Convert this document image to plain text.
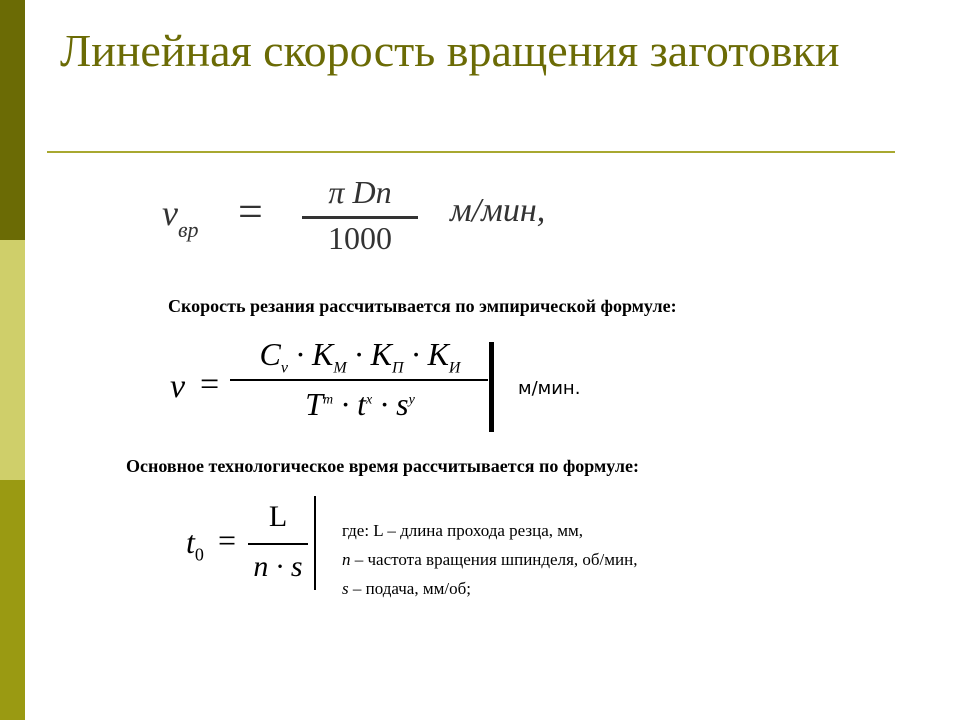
Линейная скорость вращения заготовки
$v_{вр}$ =	π Dn
1000
м/мин,
Скорость резания рассчитывается по эмпирической формуле:
v =
$C_v \cdot K_M \cdot K_П \cdot K_И$
$T^m \cdot t^x \cdot s^y$
м/мин.
Основное технологическое время рассчитывается по формуле:
$t_0$ =
L
n · s
где: L – длина прохода резца, мм,
n – частота вращения шпинделя, об/мин,
s – подача, мм/об;
